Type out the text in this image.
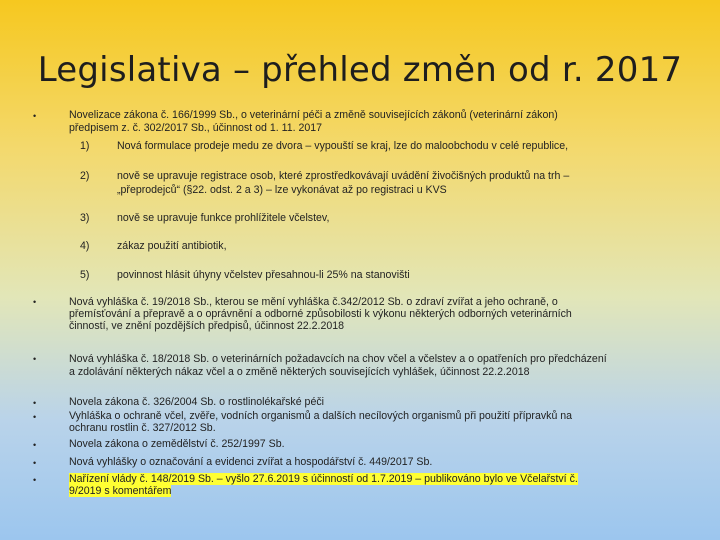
Legislativa – přehled změn od r. 2017
•	Novelizace zákona č. 166/1999 Sb., o veterinární péči a změně souvisejících zákonů (veterinární zákon)
předpisem z. č. 302/2017 Sb., účinnost od 1. 11. 2017
1)	Nová formulace prodeje medu ze dvora – vypouští se kraj, lze do maloobchodu v celé republice,
2)	nově se upravuje registrace osob, které zprostředkovávají uvádění živočišných produktů na trh –
„přeprodejců“ (§22. odst. 2 a 3) – lze vykonávat až po registraci u KVS
3)	nově se upravuje funkce prohlížitele včelstev,
4)	zákaz použití antibiotik,
5)	povinnost hlásit úhyny včelstev přesahnou-li 25% na stanovišti
•	Nová vyhláška č. 19/2018 Sb., kterou se mění vyhláška č.342/2012 Sb. o zdraví zvířat a jeho ochraně, o
přemísťování a přepravě a o oprávnění a odborné způsobilosti k výkonu některých odborných veterinárních
činností, ve znění pozdějších předpisů, účinnost 22.2.2018
•	Nová vyhláška č. 18/2018 Sb. o veterinárních požadavcích na chov včel a včelstev a o opatřeních pro předcházení
a zdolávání některých nákaz včel a o změně některých souvisejících vyhlášek, účinnost 22.2.2018
•	Novela zákona č. 326/2004 Sb. o rostlinolékařské péči
•	Vyhláška o ochraně včel, zvěře, vodních organismů a dalších necílových organismů při použití přípravků na
ochranu rostlin č. 327/2012 Sb.
•	Novela zákona o zemědělství č. 252/1997 Sb.
•	Nová vyhlášky o označování a evidenci zvířat a hospodářství č. 449/2017 Sb.
•	Nařízení vlády č. 148/2019 Sb. – vyšlo 27.6.2019 s účinností od 1.7.2019 – publikováno bylo ve Včelařství č.
9/2019 s komentářem
